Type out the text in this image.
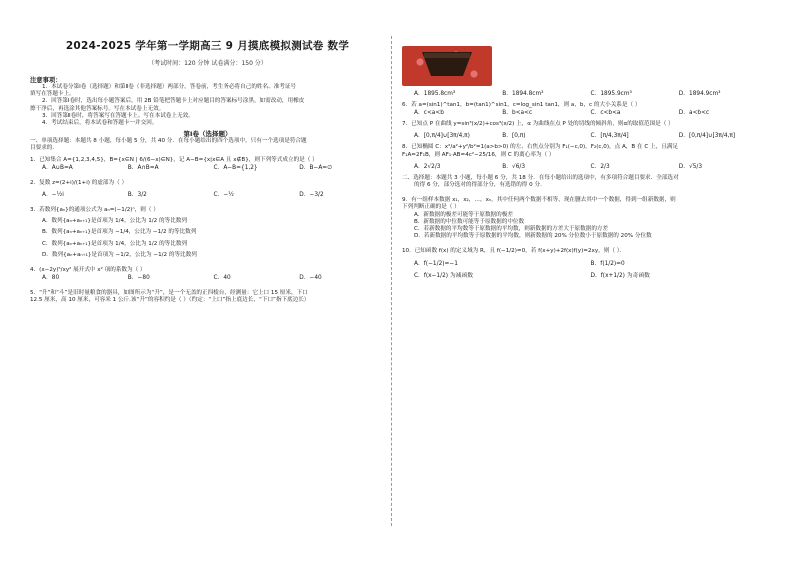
2024-2025 学年第一学期高三 9 月摸底模拟测试卷 数学
（考试时间：120 分钟 试卷满分：150 分）
注意事项：
1．本试卷分第Ⅰ卷（选择题）和第Ⅱ卷（非选择题）两部分。答卷前，考生务必将自己的姓名、准考证号
填写在答题卡上。
2．回答第Ⅰ卷时，选出每小题答案后，用 2B 铅笔把答题卡上对应题目的答案标号涂黑。如需改动，用橡皮
擦干净后，再选涂其他答案标号。写在本试卷上无效。
3．回答第Ⅱ卷时，将答案写在答题卡上。写在本试卷上无效。
4．考试结束后，将本试卷和答题卡一并交回。
第Ⅰ卷（选择题）
一、单项选择题：本题共 8 小题，每小题 5 分，共 40 分．在每小题给出的四个选项中，只有一个选项是符合题
目要求的．
1．已知集合 A={1,2,3,4,5}，B={x∈N | 6/(6−x)∈N}，记 A−B={x|x∈A 且 x∉B}，则下列等式成立的是（ ）
A．A∪B=A	B．A∩B=A	C．A−B={1,2}	D．B−A=∅
2．复数 z=(2+i)/(1+i) 的虚部为（ ）
A．−½i	B．3/2	C．−½	D．−3/2
3．若数列{aₙ}的通项公式为 aₙ=(−1/2)ⁿ，则（ ）
A．数列{aₙ+aₙ₊₁}是首项为 1/4，公比为 1/2 的等比数列
B．数列{aₙ+aₙ₊₁}是首项为 −1/4，公比为 −1/2 的等比数列
C．数列{aₙ+aₙ₊₁}是首项为 1/4，公比为 1/2 的等比数列
D．数列{aₙ+aₙ₊₁}是首项为 −1/2，公比为 −1/2 的等比数列
4．(x−2y)⁵/xy² 展开式中 x² 项的系数为（ ）
A．80	B．−80	C．40	D．−40
5．“升”和“斗”是旧时量粮食的器具，如图所示为“升”，是一个无盖的正四棱台，经测量：它上口 15 厘米，下口
12.5 厘米，高 10 厘米，可容米 1 公斤.该“升”的容积约是（ ）（约定：“上口”指上底边长，“下口”指下底边长）
A．1895.8cm³	B．1894.8cm³	C．1895.9cm³	D．1894.9cm³
6．若 a=(sin1)^tan1，b=(tan1)^sin1，c=log_sin1 tan1，则 a，b，c 的大小关系是（ ）
A．c<a<b	B．b<a<c	C．c<b<a	D．a<b<c
7．已知点 P 在曲线 y=sin³(x/2)+cos³(x/2) 上，α 为曲线在点 P 处的切线的倾斜角，则α的取值范围是（ ）
A．[0,π/4]∪[3π/4,π)	B．[0,π)	C．[π/4,3π/4]	D．[0,π/4]∪[3π/4,π]
8．已知椭圆 C：x²/a²+y²/b²=1(a>b>0) 的左、右焦点分别为 F₁(−c,0)，F₂(c,0)，点 A，B 在 C 上，且满足
F₁A=2F₁B，则 AF₁·AB=4c²−25/16，则 C 的离心率为（ ）
A．2√2/3	B．√6/3	C．2/3	D．√5/3
二、选择题：本题共 3 小题，每小题 6 分，共 18 分．在每小题给出的选项中，有多项符合题目要求．全部选对
的得 6 分，部分选对的得部分分，有选错的得 0 分．
9．有一组样本数据 x₁，x₂，…，xₙ，其中任何两个数据不相等，现在删去其中一个数据，得到一组新数据，则
下列判断正确的是（ ）
A．新数据的极差可能等于原数据的极差
B．新数据的中位数可能等于原数据的中位数
C．若新数据的平均数等于原数据的平均数，则新数据的方差大于原数据的方差
D．若新数据的平均数等于原数据的平均数，则新数据的 20% 分位数小于原数据的 20% 分位数
10．已知函数 f(x) 的定义域为 R，且 f(−1/2)=0，若 f(x+y)+2f(x)f(y)=2xy，则（ ）．
A．f(−1/2)=−1	B．f(1/2)=0
C．f(x−1/2) 为减函数	D．f(x+1/2) 为奇函数
